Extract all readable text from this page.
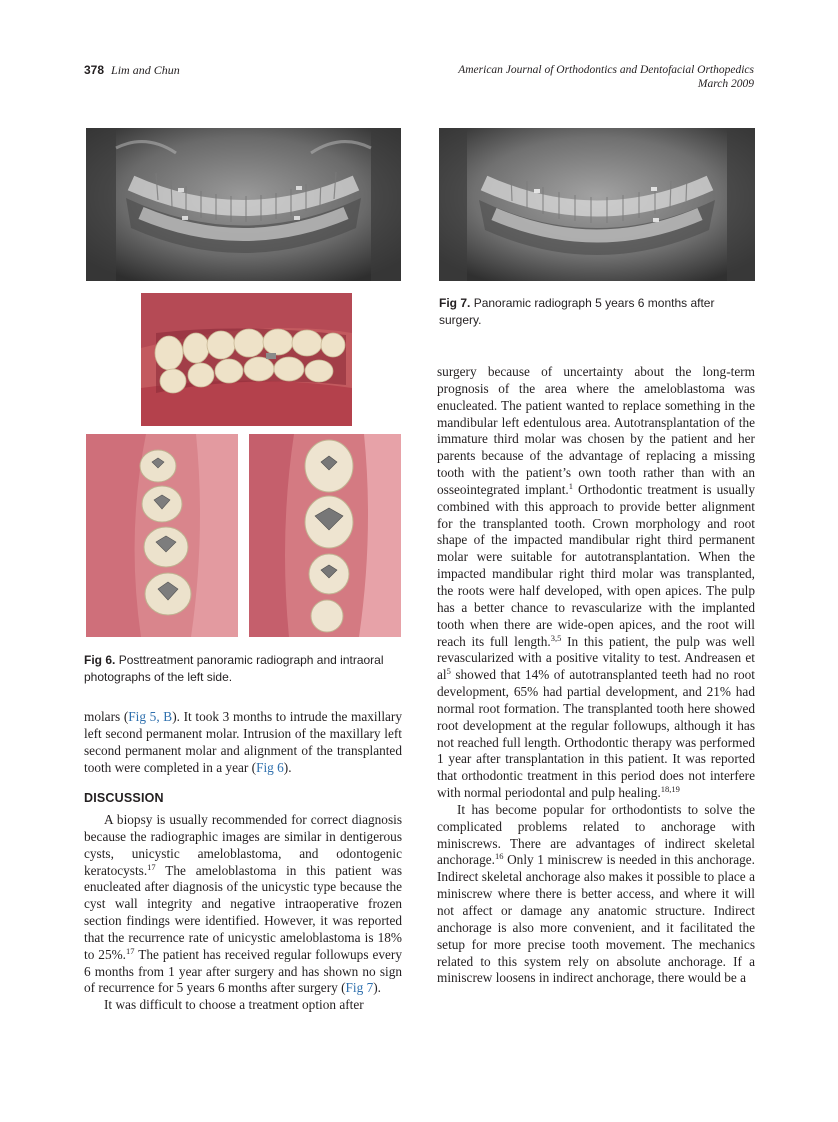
378 Lim and Chun	American Journal of Orthodontics and Dentofacial Orthopedics
March 2009
Fig 7. Panoramic radiograph 5 years 6 months after surgery.
Fig 6. Posttreatment panoramic radiograph and intraoral photographs of the left side.

molars (Fig 5, B). It took 3 months to intrude the maxillary left second permanent molar. Intrusion of the maxillary left second permanent molar and alignment of the transplanted tooth were completed in a year (Fig 6).

DISCUSSION

A biopsy is usually recommended for correct diagnosis because the radiographic images are similar in dentigerous cysts, unicystic ameloblastoma, and odontogenic keratocysts.$^{17}$ The ameloblastoma in this patient was enucleated after diagnosis of the unicystic type because the cyst wall integrity and negative intraoperative frozen section findings were identified. However, it was reported that the recurrence rate of unicystic ameloblastoma is 18% to 25%.$^{17}$ The patient has received regular followups every 6 months from 1 year after surgery and has shown no sign of recurrence for 5 years 6 months after surgery (Fig 7).

It was difficult to choose a treatment option after

surgery because of uncertainty about the long-term prognosis of the area where the ameloblastoma was enucleated. The patient wanted to replace something in the mandibular left edentulous area. Autotransplantation of the immature third molar was chosen by the patient and her parents because of the advantage of replacing a missing tooth with the patient’s own tooth rather than with an osseointegrated implant.$^1$ Orthodontic treatment is usually combined with this approach to provide better alignment for the transplanted tooth. Crown morphology and root shape of the impacted mandibular right third permanent molar were suitable for autotransplantation. When the impacted mandibular right third molar was transplanted, the roots were half developed, with open apices. The pulp has a better chance to revascularize with the implanted tooth when there are wide-open apices, and the root will reach its full length.$^{3,5}$ In this patient, the pulp was well revascularized with a positive vitality to test. Andreasen et $al^5$ showed that 14% of autotransplanted teeth had no root development, 65% had partial development, and 21% had normal root formation. The transplanted tooth here showed root development at the regular followups, although it has not reached full length. Orthodontic therapy was performed 1 year after transplantation in this patient. It was reported that orthodontic treatment in this period does not interfere with normal periodontal and pulp healing.$^{18,19}$

It has become popular for orthodontists to solve the complicated problems related to anchorage with miniscrews. There are advantages of indirect skeletal anchorage.$^{16}$ Only 1 miniscrew is needed in this anchorage. Indirect skeletal anchorage also makes it possible to place a miniscrew where there is better access, and where it will not affect or damage any anatomic structure. Indirect anchorage is also more convenient, and it facilitated the setup for more precise tooth movement. The mechanics related to this system rely on absolute anchorage. If a miniscrew loosens in indirect anchorage, there would be a
